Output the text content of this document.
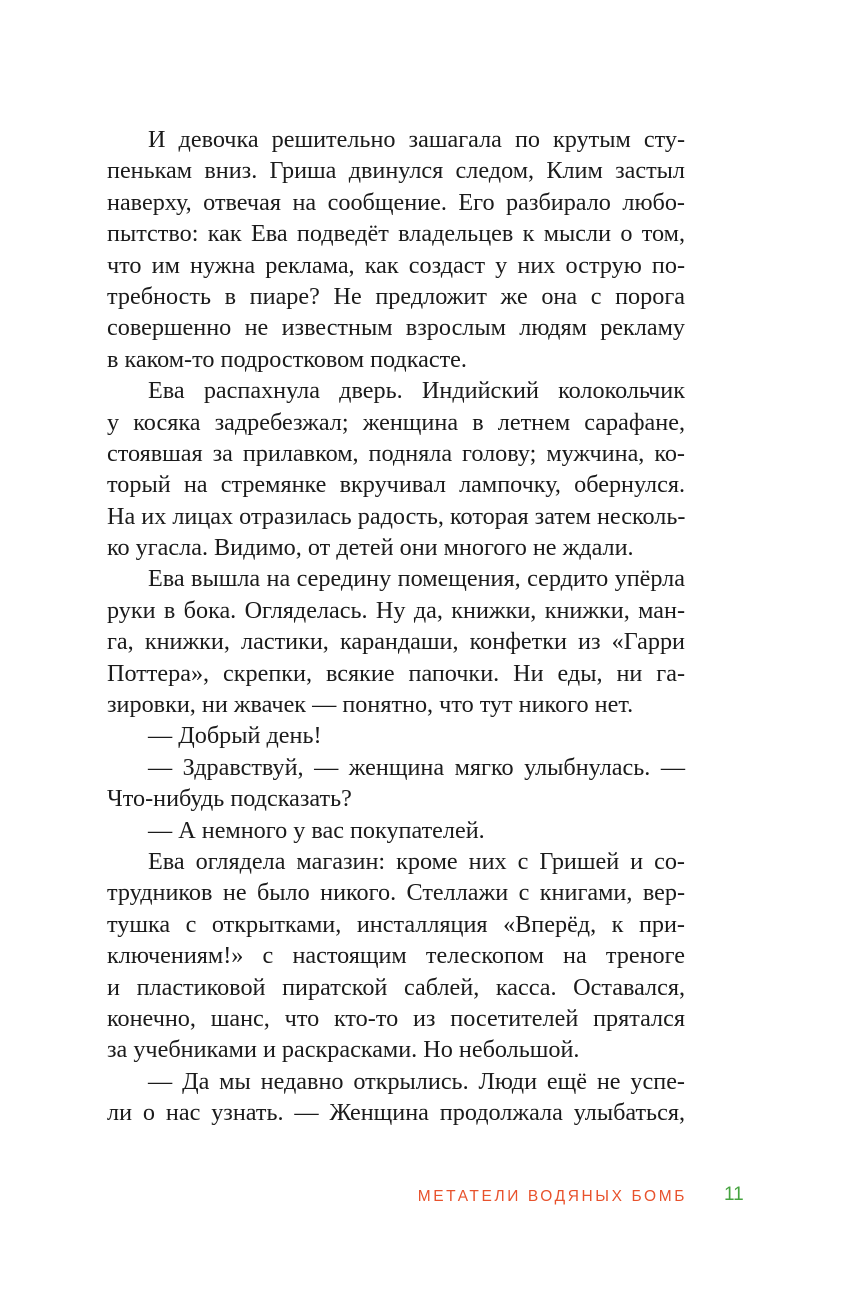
И девочка решительно зашагала по крутым сту-
пенькам вниз. Гриша двинулся следом, Клим застыл
наверху, отвечая на сообщение. Его разбирало любо-
пытство: как Ева подведёт владельцев к мысли о том,
что им нужна реклама, как создаст у них острую по-
требность в пиаре? Не предложит же она с порога
совершенно не известным взрослым людям рекламу
в каком-то подростковом подкасте.
Ева распахнула дверь. Индийский колокольчик
у косяка задребезжал; женщина в летнем сарафане,
стоявшая за прилавком, подняла голову; мужчина, ко-
торый на стремянке вкручивал лампочку, обернулся.
На их лицах отразилась радость, которая затем несколь-
ко угасла. Видимо, от детей они многого не ждали.
Ева вышла на середину помещения, сердито упёрла
руки в бока. Огляделась. Ну да, книжки, книжки, ман-
га, книжки, ластики, карандаши, конфетки из «Гарри
Поттера», скрепки, всякие папочки. Ни еды, ни га-
зировки, ни жвачек — понятно, что тут никого нет.
— Добрый день!
— Здравствуй, — женщина мягко улыбнулась. —
Что-нибудь подсказать?
— А немного у вас покупателей.
Ева оглядела магазин: кроме них с Гришей и со-
трудников не было никого. Стеллажи с книгами, вер-
тушка с открытками, инсталляция «Вперёд, к при-
ключениям!» с настоящим телескопом на треноге
и пластиковой пиратской саблей, касса. Оставался,
конечно, шанс, что кто-то из посетителей прятался
за учебниками и раскрасками. Но небольшой.
— Да мы недавно открылись. Люди ещё не успе-
ли о нас узнать. — Женщина продолжала улыбаться,
МЕТАТЕЛИ ВОДЯНЫХ БОМБ 11
